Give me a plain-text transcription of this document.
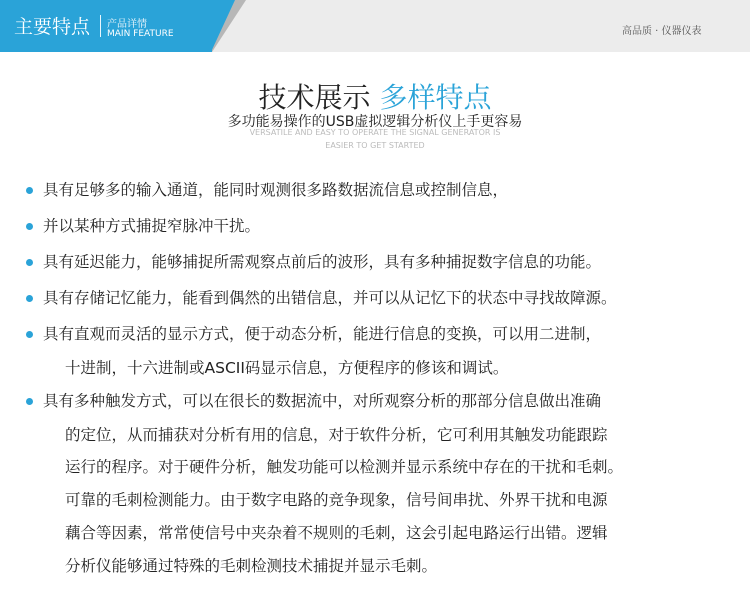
主要特点 产品详情
MAIN FEATURE	高品质 · 仪器仪表
技术展示 多样特点
多功能易操作的USB虚拟逻辑分析仪上手更容易
VERSATILE AND EASY TO OPERATE THE SIGNAL GENERATOR IS
EASIER TO GET STARTED
具有足够多的输入通道，能同时观测很多路数据流信息或控制信息，
并以某种方式捕捉窄脉冲干扰。
具有延迟能力，能够捕捉所需观察点前后的波形，具有多种捕捉数字信息的功能。
具有存储记忆能力，能看到偶然的出错信息，并可以从记忆下的状态中寻找故障源。
具有直观而灵活的显示方式，便于动态分析，能进行信息的变换，可以用二进制，
十进制，十六进制或ASCII码显示信息，方便程序的修该和调试。
具有多种触发方式，可以在很长的数据流中，对所观察分析的那部分信息做出准确
的定位，从而捕获对分析有用的信息，对于软件分析，它可利用其触发功能跟踪
运行的程序。对于硬件分析，触发功能可以检测并显示系统中存在的干扰和毛刺。
可靠的毛刺检测能力。由于数字电路的竞争现象，信号间串扰、外界干扰和电源
藕合等因素，常常使信号中夹杂着不规则的毛刺，这会引起电路运行出错。逻辑
分析仪能够通过特殊的毛刺检测技术捕捉并显示毛刺。
